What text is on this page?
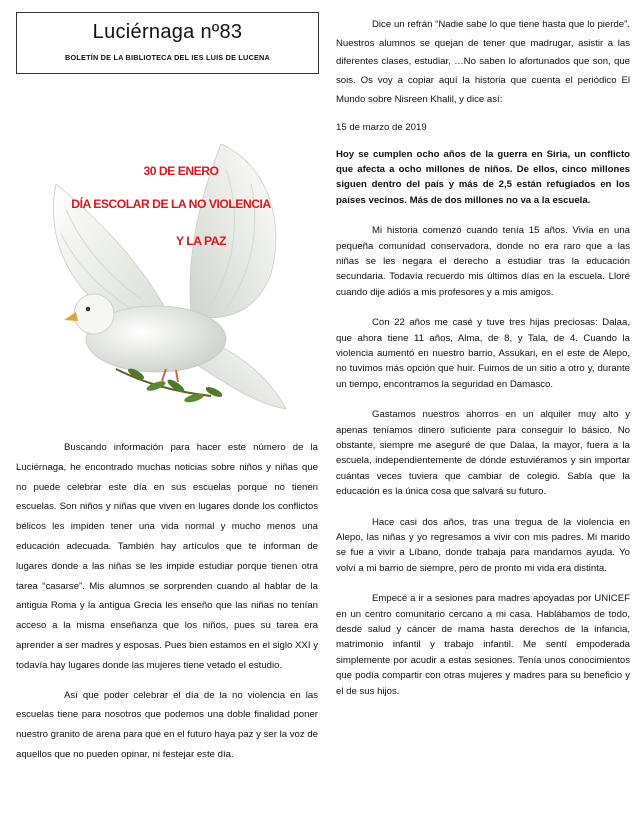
Luciérnaga nº83
BOLETÍN DE LA BIBLIOTECA DEL IES LUIS DE LUCENA
30 DE ENERO
DÍA ESCOLAR DE LA NO VIOLENCIA
Y LA PAZ

Buscando información para hacer este número de la Luciérnaga, he encontrado muchas noticias sobre niños y niñas que no puede celebrar este día en sus escuelas porque no tienen escuelas. Son niños y niñas que viven en lugares donde los conflictos bélicos les impiden tener una vida normal y mucho menos una educación adecuada. También hay artículos que te informan de lugares donde a las niñas se les impide estudiar porque tienen otra tarea “casarse”. Mis alumnos se sorprenden cuando al hablar de la antigua Roma y la antigua Grecia les enseño que las niñas no tenían acceso a la misma enseñanza que los niños, pues su tarea era aprender a ser madres y esposas. Pues bien estamos en el siglo XXI y todavía hay lugares donde las mujeres tiene vetado el estudio.

Así que poder celebrar el día de la no violencia en las escuelas tiene para nosotros que podemos una doble finalidad poner nuestro granito de arena para que en el futuro haya paz y ser la voz de aquellos que no pueden opinar, ni festejar este día.

Dice un refrán “Nadie sabe lo que tiene hasta que lo pierde”. Nuestros alumnos se quejan de tener que madrugar, asistir a las diferentes clases, estudiar, …No saben lo afortunados que son, que sois. Os voy a copiar aquí la historia que cuenta el periódico El Mundo sobre Nisreen Khalil, y dice así:

15 de marzo de 2019

Hoy se cumplen ocho años de la guerra en Siria, un conflicto que afecta a ocho millones de niños. De ellos, cinco millones siguen dentro del país y más de 2,5 están refugiados en los países vecinos. Más de dos millones no va a la escuela.

Mi historia comenzó cuando tenía 15 años. Vivía en una pequeña comunidad conservadora, donde no era raro que a las niñas se les negara el derecho a estudiar tras la educación secundaria. Todavía recuerdo mis últimos días en la escuela. Lloré cuando dije adiós a mis profesores y a mis amigos.

Con 22 años me casé y tuve tres hijas preciosas: Dalaa, que ahora tiene 11 años, Alma, de 8, y Tala, de 4. Cuando la violencia aumentó en nuestro barrio, Assukari, en el este de Alepo, no tuvimos más opción que huir. Fuimos de un sitio a otro y, durante un tiempo, encontramos la seguridad en Damasco.

Gastamos nuestros ahorros en un alquiler muy alto y apenas teníamos dinero suficiente para conseguir lo básico. No obstante, siempre me aseguré de que Dalaa, la mayor, fuera a la escuela, independientemente de dónde estuviéramos y sin importar cuántas veces tuviera que cambiar de colegio. Sabía que la educación es la única cosa que salvará su futuro.

Hace casi dos años, tras una tregua de la violencia en Alepo, las niñas y yo regresamos a vivir con mis padres. Mi marido se fue a vivir a Líbano, donde trabaja para mandarnos ayuda. Yo volví a mi barrio de siempre, pero de pronto mi vida era distinta.

Empecé a ir a sesiones para madres apoyadas por UNICEF en un centro comunitario cercano a mi casa. Hablábamos de todo, desde salud y cáncer de mama hasta derechos de la infancia, matrimonio infantil y trabajo infantil. Me sentí empoderada simplemente por acudir a estas sesiones. Tenía unos conocimientos que podía compartir con otras mujeres y madres para su beneficio y el de sus hijos.
